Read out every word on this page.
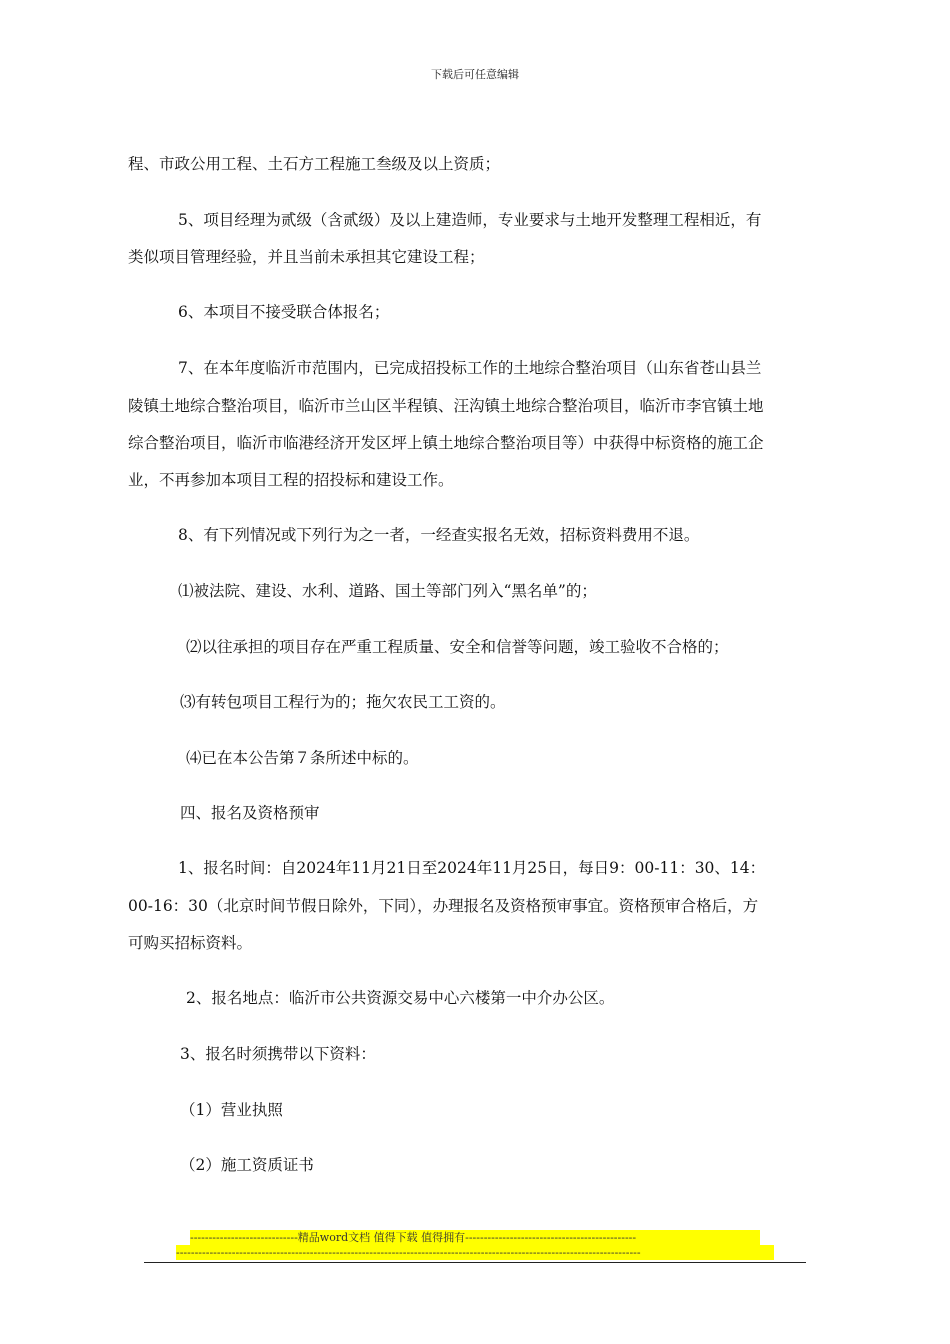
下载后可任意编辑
程、市政公用工程、土石方工程施工叁级及以上资质；
5、项目经理为贰级（含贰级）及以上建造师，专业要求与土地开发整理工程相近，有
类似项目管理经验，并且当前未承担其它建设工程；
6、本项目不接受联合体报名；
7、在本年度临沂市范围内，已完成招投标工作的土地综合整治项目（山东省苍山县兰
陵镇土地综合整治项目，临沂市兰山区半程镇、汪沟镇土地综合整治项目，临沂市李官镇土地
综合整治项目，临沂市临港经济开发区坪上镇土地综合整治项目等）中获得中标资格的施工企
业，不再参加本项目工程的招投标和建设工作。
8、有下列情况或下列行为之一者，一经查实报名无效，招标资料费用不退。
⑴被法院、建设、水利、道路、国土等部门列入“黑名单”的；
⑵以往承担的项目存在严重工程质量、安全和信誉等问题，竣工验收不合格的；
⑶有转包项目工程行为的；拖欠农民工工资的。
⑷已在本公告第７条所述中标的。
四、报名及资格预审
1、报名时间：自2024年11月21日至2024年11月25日，每日9：00-11：30、14：
00-16：30（北京时间节假日除外，下同），办理报名及资格预审事宜。资格预审合格后，方
可购买招标资料。
2、报名地点：临沂市公共资源交易中心六楼第一中介办公区。
3、报名时须携带以下资料：
（1）营业执照
（2）施工资质证书
-----------------------------精品word文档 值得下载 值得拥有----------------------------------------------
-----------------------------------------------------------------------------------------------------------------------------
